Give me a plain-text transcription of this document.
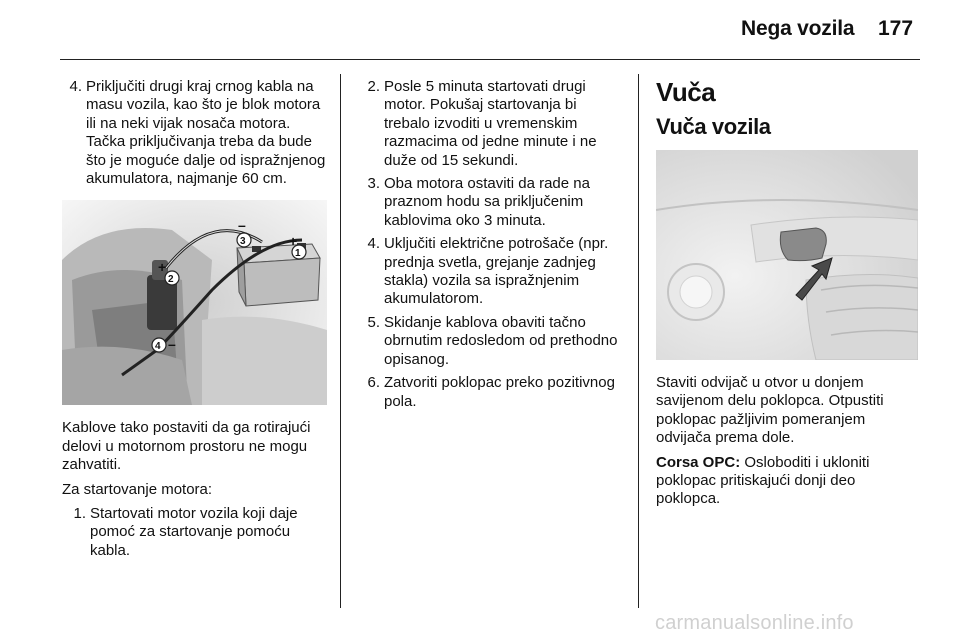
Nega vozila 177
4. Priključiti drugi kraj crnog kabla na masu vozila, kao što je blok motora ili na neki vijak nosača motora. Tačka priključivanja treba da bude što je moguće dalje od ispražnjenog akumulatora, najmanje 60 cm.
+
2
–
3
1
+
4 –

Kablove tako postaviti da ga rotirajući delovi u motornom prostoru ne mogu zahvatiti.

Za startovanje motora:

1. Startovati motor vozila koji daje pomoć za startovanje pomoću kabla.
2. Posle 5 minuta startovati drugi motor. Pokušaj startovanja bi trebalo izvoditi u vremenskim razmacima od jedne minute i ne duže od 15 sekundi.
3. Oba motora ostaviti da rade na praznom hodu sa priključenim kablovima oko 3 minuta.
4. Uključiti električne potrošače (npr. prednja svetla, grejanje zadnjeg stakla) vozila sa ispražnjenim akumulatorom.
5. Skidanje kablova obaviti tačno obrnutim redosledom od prethodno opisanog.
6. Zatvoriti poklopac preko pozitivnog pola.
Vuča
Vuča vozila

Staviti odvijač u otvor u donjem savijenom delu poklopca. Otpustiti poklopac pažljivim pomeranjem odvijača prema dole.

Corsa OPC: Osloboditi i ukloniti poklopac pritiskajući donji deo poklopca.

carmanualsonline.info
